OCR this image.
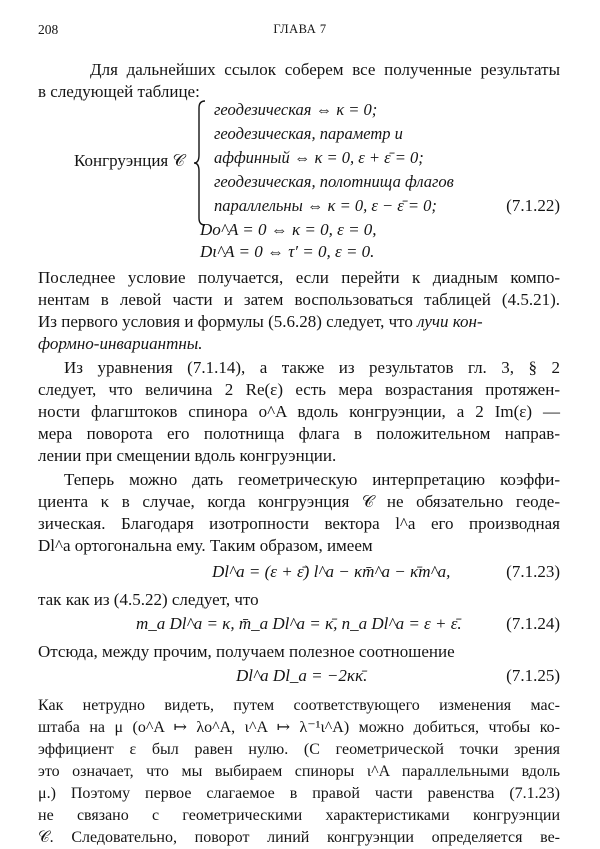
208	ГЛАВА 7
Для дальнейших ссылок соберем все полученные результаты
в следующей таблице:
Конгруэнция 𝒞
геодезическая ⇔ κ = 0;
геодезическая, параметр и
аффинный ⇔ κ = 0, ε + ε̄ = 0;
геодезическая, полотнища флагов
параллельны ⇔ κ = 0, ε − ε̄ = 0;	(7.1.22)
Do^A = 0 ⇔ κ = 0, ε = 0,
Dι^A = 0 ⇔ τ′ = 0, ε = 0.
Последнее условие получается, если перейти к диадным компо-
нентам в левой части и затем воспользоваться таблицей (4.5.21).
Из первого условия и формулы (5.6.28) следует, что лучи кон-
формно-инвариантны.
Из уравнения (7.1.14), а также из результатов гл. 3, § 2
следует, что величина 2 Re(ε) есть мера возрастания протяжен-
ности флагштоков спинора o^A вдоль конгруэнции, а 2 Im(ε) —
мера поворота его полотнища флага в положительном направ-
лении при смещении вдоль конгруэнции.
Теперь можно дать геометрическую интерпретацию коэффи-
циента κ в случае, когда конгруэнция 𝒞 не обязательно геоде-
зическая. Благодаря изотропности вектора l^a его производная
Dl^a ортогональна ему. Таким образом, имеем
Dl^a = (ε + ε̄) l^a − κm̄^a − κ̄m^a,	(7.1.23)
так как из (4.5.22) следует, что
m_a Dl^a = κ, m̄_a Dl^a = κ̄, n_a Dl^a = ε + ε̄.	(7.1.24)
Отсюда, между прочим, получаем полезное соотношение
Dl^a Dl_a = −2κκ̄.	(7.1.25)
Как нетрудно видеть, путем соответствующего изменения мас-
штаба на μ (o^A ↦ λo^A, ι^A ↦ λ⁻¹ι^A) можно добиться, чтобы ко-
эффициент ε был равен нулю. (С геометрической точки зрения
это означает, что мы выбираем спиноры ι^A параллельными вдоль
μ.) Поэтому первое слагаемое в правой части равенства (7.1.23)
не связано с геометрическими характеристиками конгруэнции
𝒞. Следовательно, поворот линий конгруэнции определяется ве-
